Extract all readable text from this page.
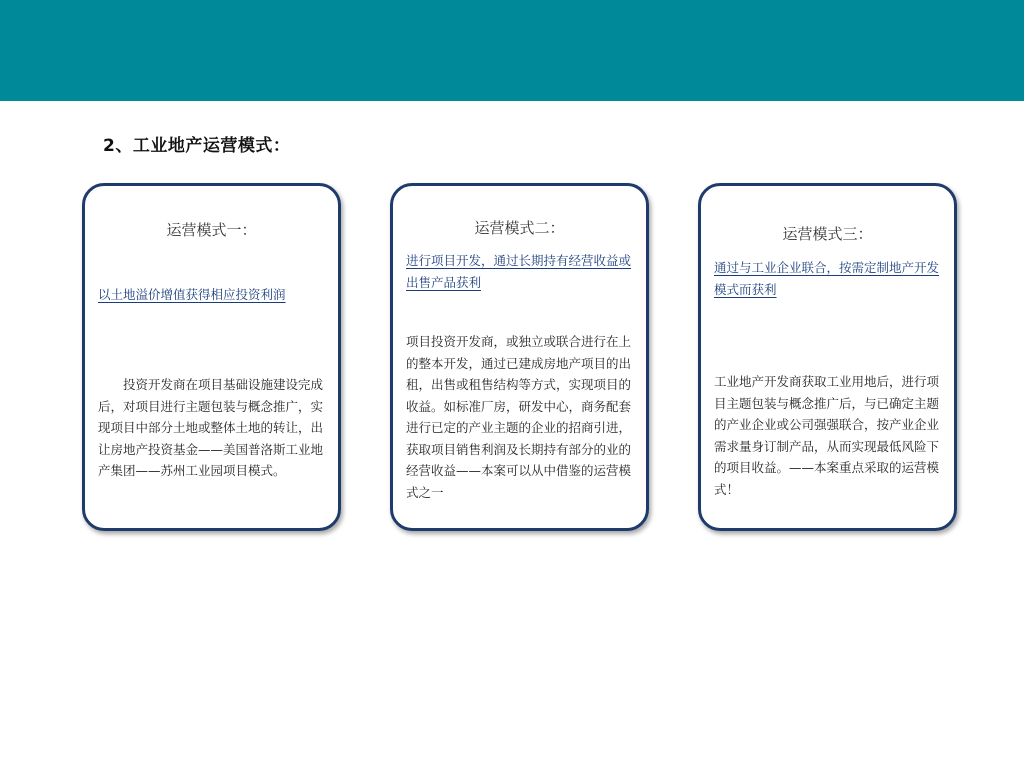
2、工业地产运营模式：
运营模式一：
以土地溢价增值获得相应投资利润
投资开发商在项目基础设施建设完成后，对项目进行主题包装与概念推广，实现项目中部分土地或整体土地的转让，出让房地产投资基金——美国普洛斯工业地产集团——苏州工业园项目模式。
运营模式二：
进行项目开发，通过长期持有经营收益或出售产品获利
项目投资开发商，或独立或联合进行在上的整本开发，通过已建成房地产项目的出租，出售或租售结构等方式，实现项目的收益。如标准厂房，研发中心，商务配套进行已定的产业主题的企业的招商引进，获取项目销售利润及长期持有部分的业的经营收益——本案可以从中借鉴的运营模式之一
运营模式三：
通过与工业企业联合，按需定制地产开发模式而获利
工业地产开发商获取工业用地后，进行项目主题包装与概念推广后，与已确定主题的产业企业或公司强强联合，按产业企业需求量身订制产品，从而实现最低风险下的项目收益。——本案重点采取的运营模式！
